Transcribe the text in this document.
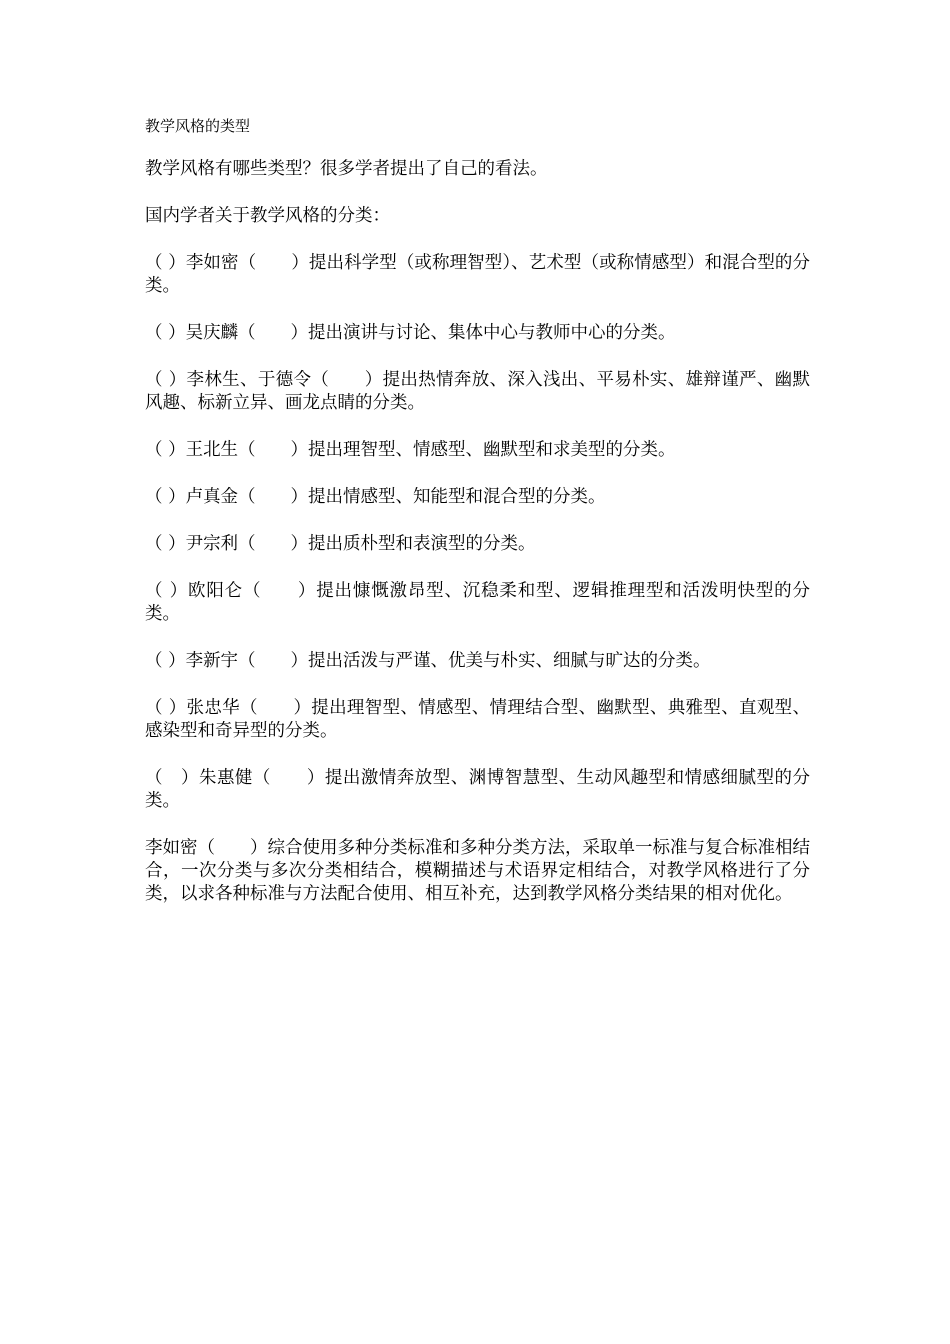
教学风格的类型

教学风格有哪些类型？很多学者提出了自己的看法。

国内学者关于教学风格的分类：

（ ）李如密（　　）提出科学型（或称理智型）、艺术型（或称情感型）和混合型的分类。

（ ）吴庆麟（　　）提出演讲与讨论、集体中心与教师中心的分类。

（ ）李林生、于德令（　　）提出热情奔放、深入浅出、平易朴实、雄辩谨严、幽默风趣、标新立异、画龙点睛的分类。

（ ）王北生（　　）提出理智型、情感型、幽默型和求美型的分类。

（ ）卢真金（　　）提出情感型、知能型和混合型的分类。

（ ）尹宗利（　　）提出质朴型和表演型的分类。

（ ）欧阳仑（　　）提出慷慨激昂型、沉稳柔和型、逻辑推理型和活泼明快型的分类。

（ ）李新宇（　　）提出活泼与严谨、优美与朴实、细腻与旷达的分类。

（ ）张忠华（　　）提出理智型、情感型、情理结合型、幽默型、典雅型、直观型、感染型和奇异型的分类。

（　）朱惠健（　　）提出激情奔放型、渊博智慧型、生动风趣型和情感细腻型的分类。

李如密（　　）综合使用多种分类标准和多种分类方法，采取单一标准与复合标准相结合，一次分类与多次分类相结合，模糊描述与术语界定相结合，对教学风格进行了分类，以求各种标准与方法配合使用、相互补充，达到教学风格分类结果的相对优化。
